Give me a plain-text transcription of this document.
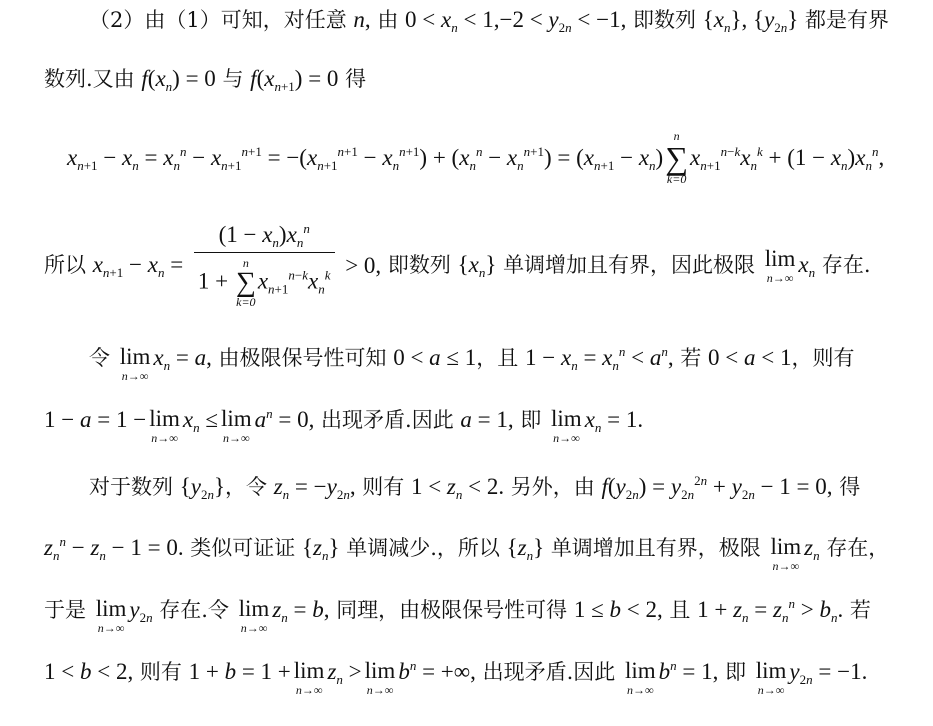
（2）由（1）可知，对任意 n, 由 $0 < x_n < 1,-2 < y_{2n} < -1$, 即数列 $\{x_n\}$, $\{y_{2n}\}$ 都是有界
数列.又由 $f(x_n) = 0$ 与 $f(x_{n+1}) = 0$ 得
$x_{n+1} - x_n = x_n^n - x_{n+1}^{n+1} = -(x_{n+1}^{n+1} - x_n^{n+1}) + (x_n^n - x_n^{n+1}) = (x_{n+1} - x_n)$
n
∑
k=0
$x_{n+1}^{n-k}x_n^k + (1 - x_n)x_n^n$,
所以 $x_{n+1} - x_n = (1 - x_n)x_n^n$
1 +
n
∑
k=0
$x_{n+1}^{n-k}x_n^k > 0$, 即数列 $\{x_n\}$ 单调增加且有界，因此极限 lim
n→∞
$x_n$ 存在.
令 lim
n→∞
$x_n = a$, 由极限保号性可知 0 < a ≤ 1，且 $1 - x_n = x_n^n < a^n$, 若 0 < a < 1，则有
1 − a = 1 − lim
n→∞
$x_n \le \lim$
n→∞
$a^n = 0$, 出现矛盾.因此 a = 1, 即 lim
n→∞
$x_n = 1$.
对于数列 $\{y_{2n}\}$，令 $z_n = -y_{2n}$, 则有 $1 < z_n < 2$. 另外，由 $f(y_{2n}) = y_{2n}^{2n} + y_{2n} - 1 = 0$, 得
$z_n^n - z_n - 1 = 0$. 类似可证证 $\{z_n\}$ 单调减少.，所以 $\{z_n\}$ 单调增加且有界，极限 lim
n→∞
$z_n$ 存在，
于是 lim
n→∞
$y_{2n}$ 存在.令 lim
n→∞
$z_n = b$, 同理，由极限保号性可得 1 ≤ b < 2, 且 $1 + z_n = z_n^n > b_n$. 若
1 < b < 2, 则有 1 + b = 1 + lim
n→∞
$z_n > \lim$
n→∞
$b^n$ = +∞, 出现矛盾.因此 lim
n→∞
$b^n = 1$, 即 lim
n→∞
$y_{2n} = -1$.
